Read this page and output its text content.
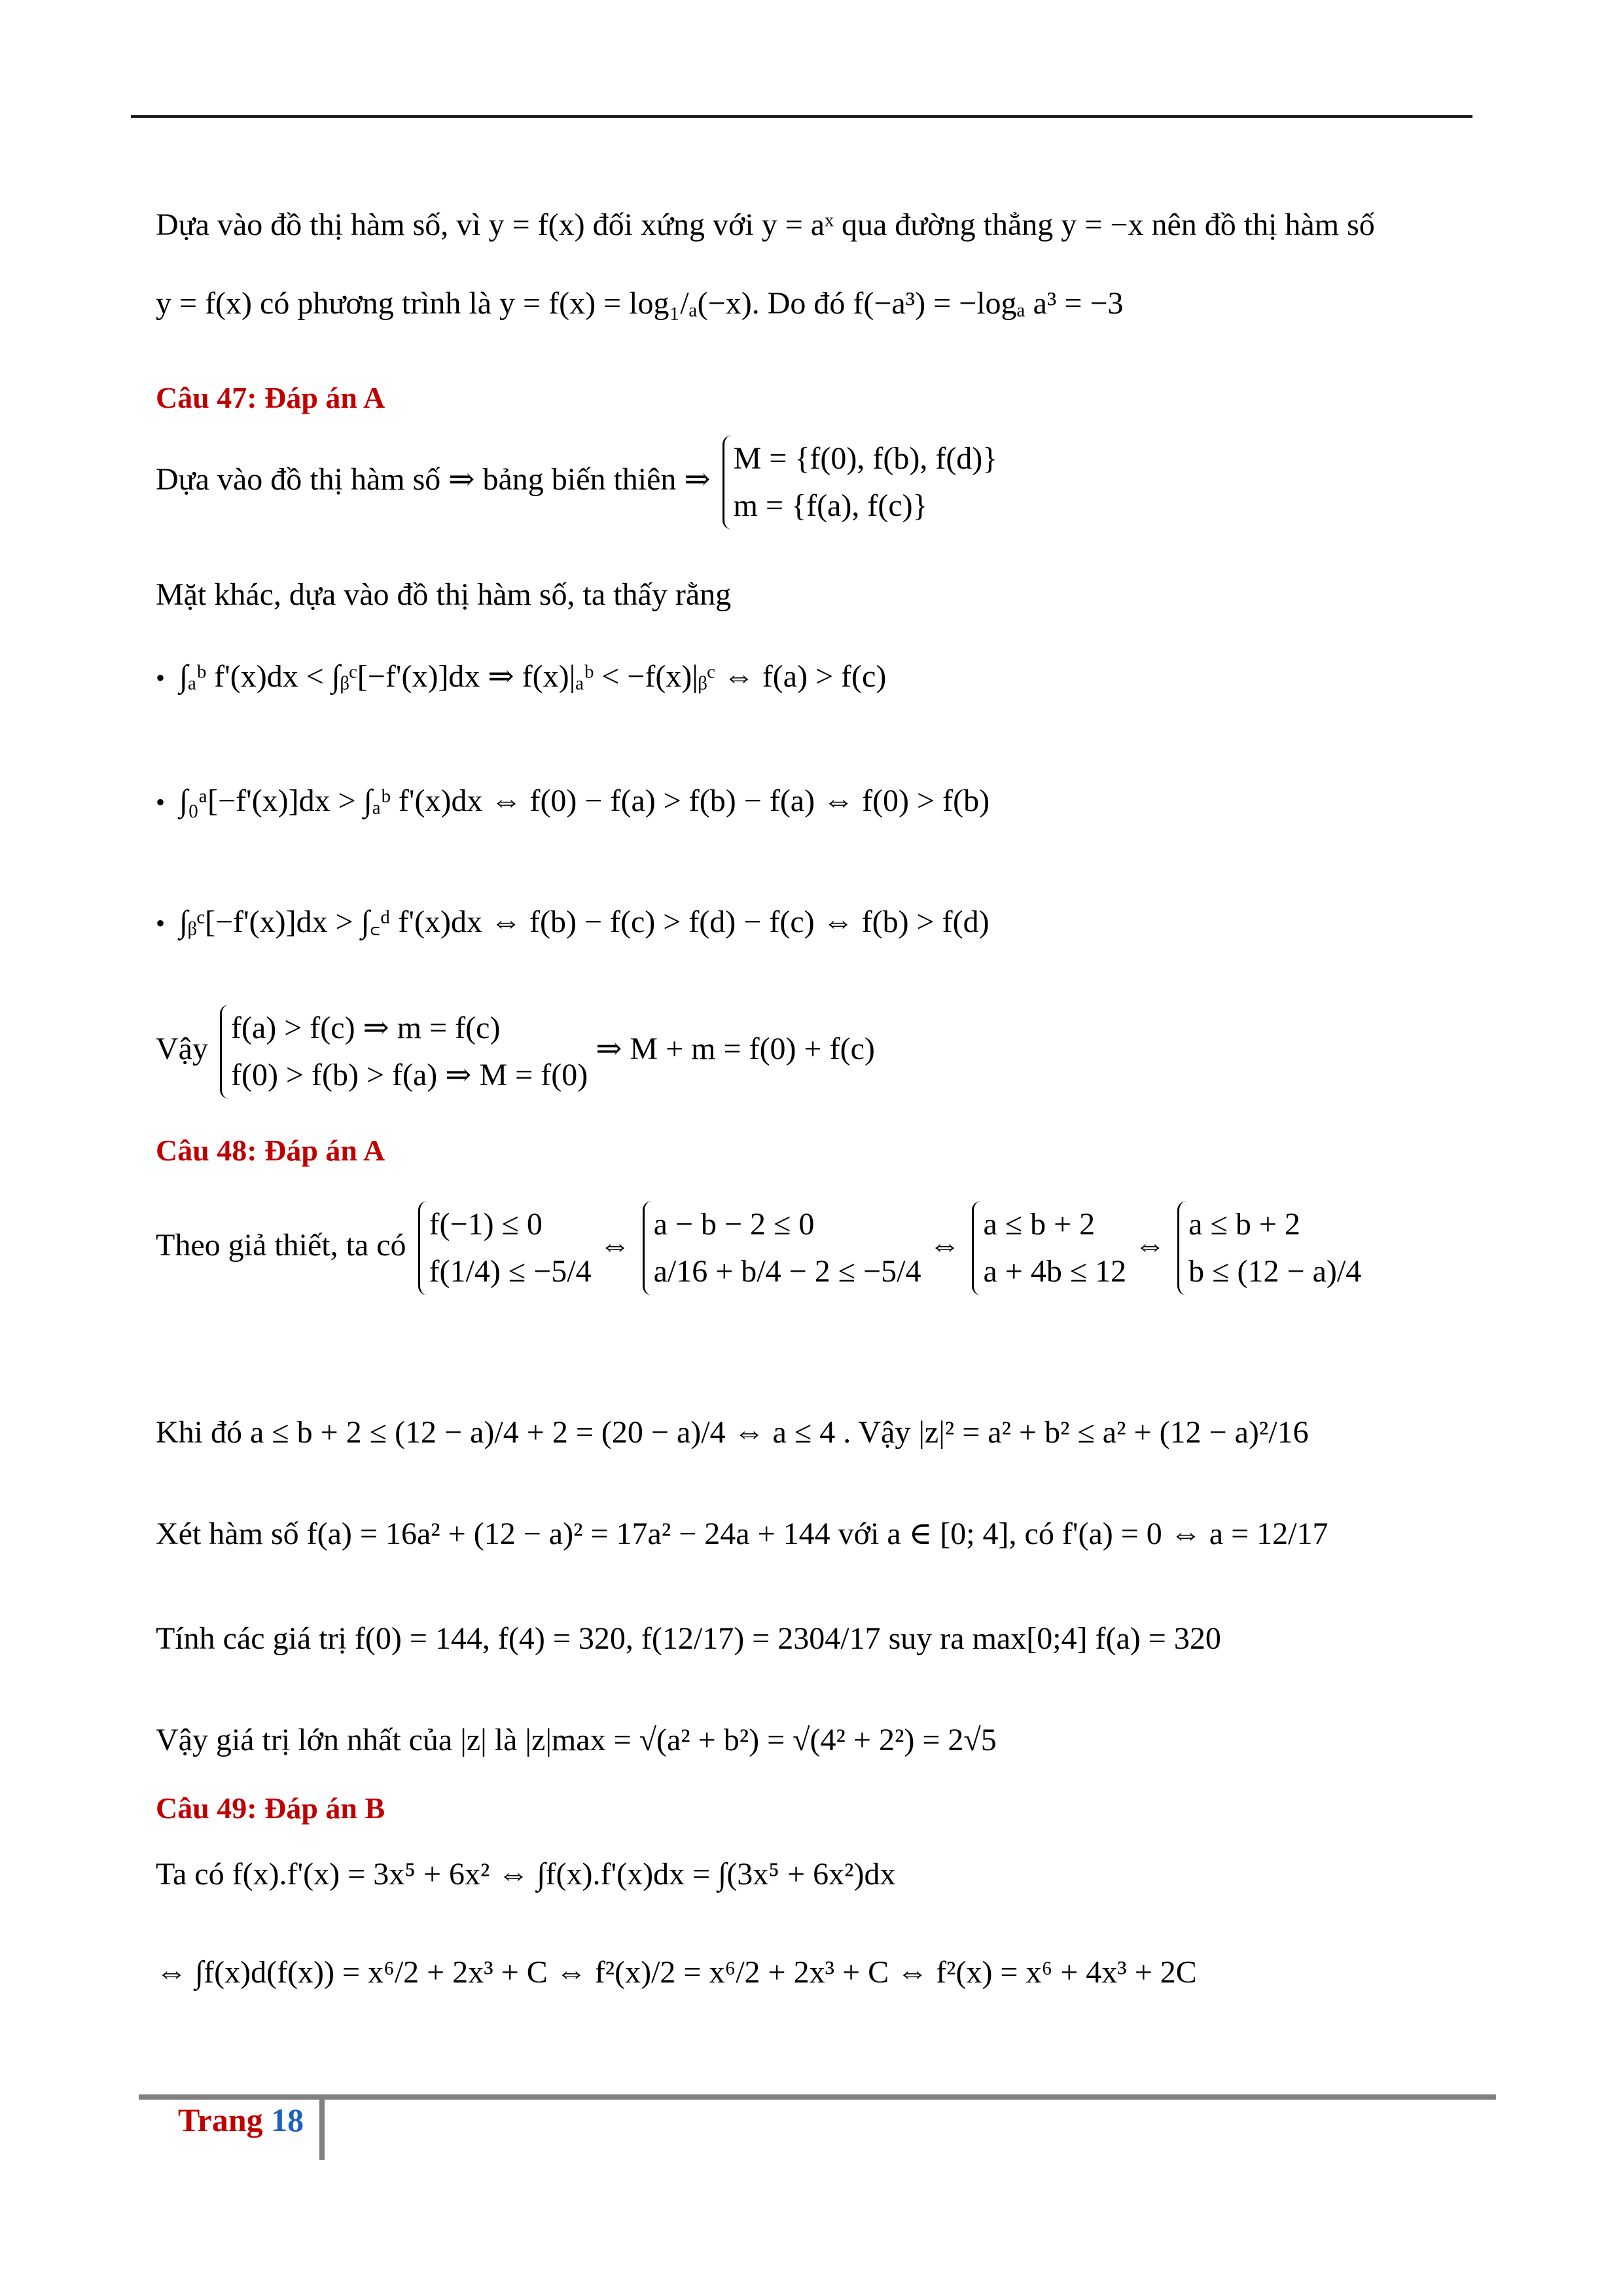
Dựa vào đồ thị hàm số, vì y = f(x) đối xứng với y = aˣ qua đường thẳng y = −x nên đồ thị hàm số
y = f(x) có phương trình là y = f(x) = log₁/ₐ(−x). Do đó f(−a³) = −logₐ a³ = −3
Câu 47: Đáp án A
Dựa vào đồ thị hàm số ⇒ bảng biến thiên ⇒
M = {f(0), f(b), f(d)}
m = {f(a), f(c)}
Mặt khác, dựa vào đồ thị hàm số, ta thấy rằng
• ∫ₐᵇ f'(x)dx < ∫ᵦᶜ[−f'(x)]dx ⇒ f(x)|ₐᵇ < −f(x)|ᵦᶜ ⇔ f(a) > f(c)
• ∫₀ᵃ[−f'(x)]dx > ∫ₐᵇ f'(x)dx ⇔ f(0) − f(a) > f(b) − f(a) ⇔ f(0) > f(b)
• ∫ᵦᶜ[−f'(x)]dx > ∫꜀ᵈ f'(x)dx ⇔ f(b) − f(c) > f(d) − f(c) ⇔ f(b) > f(d)
Vậy
f(a) > f(c) ⇒ m = f(c)
f(0) > f(b) > f(a) ⇒ M = f(0)
⇒ M + m = f(0) + f(c)
Câu 48: Đáp án A
Theo giả thiết, ta có
f(−1) ≤ 0
f(1/4) ≤ −5/4
⇔
a − b − 2 ≤ 0
a/16 + b/4 − 2 ≤ −5/4
⇔
a ≤ b + 2
a + 4b ≤ 12
⇔
a ≤ b + 2
b ≤ (12 − a)/4
Khi đó a ≤ b + 2 ≤ (12 − a)/4 + 2 = (20 − a)/4 ⇔ a ≤ 4 . Vậy |z|² = a² + b² ≤ a² + (12 − a)²/16
Xét hàm số f(a) = 16a² + (12 − a)² = 17a² − 24a + 144 với a ∈ [0; 4], có f'(a) = 0 ⇔ a = 12/17
Tính các giá trị f(0) = 144, f(4) = 320, f(12/17) = 2304/17 suy ra max[0;4] f(a) = 320
Vậy giá trị lớn nhất của |z| là |z|max = √(a² + b²) = √(4² + 2²) = 2√5
Câu 49: Đáp án B
Ta có f(x).f'(x) = 3x⁵ + 6x² ⇔ ∫f(x).f'(x)dx = ∫(3x⁵ + 6x²)dx
⇔ ∫f(x)d(f(x)) = x⁶/2 + 2x³ + C ⇔ f²(x)/2 = x⁶/2 + 2x³ + C ⇔ f²(x) = x⁶ + 4x³ + 2C
Trang 18
